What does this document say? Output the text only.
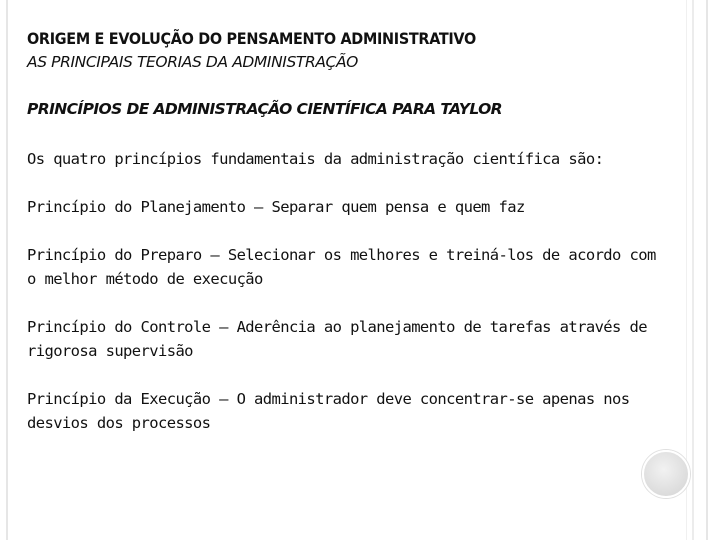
ORIGEM E EVOLUÇÃO DO PENSAMENTO ADMINISTRATIVO
AS PRINCIPAIS TEORIAS DA ADMINISTRAÇÃO
PRINCÍPIOS DE ADMINISTRAÇÃO CIENTÍFICA PARA TAYLOR
Os quatro princípios fundamentais da administração científica são:
Princípio do Planejamento – Separar quem pensa e quem faz
Princípio do Preparo – Selecionar os melhores e treiná-los de acordo com o melhor método de execução
Princípio do Controle – Aderência ao planejamento de tarefas através de rigorosa supervisão
Princípio da Execução – O administrador deve concentrar-se apenas nos desvios dos processos
